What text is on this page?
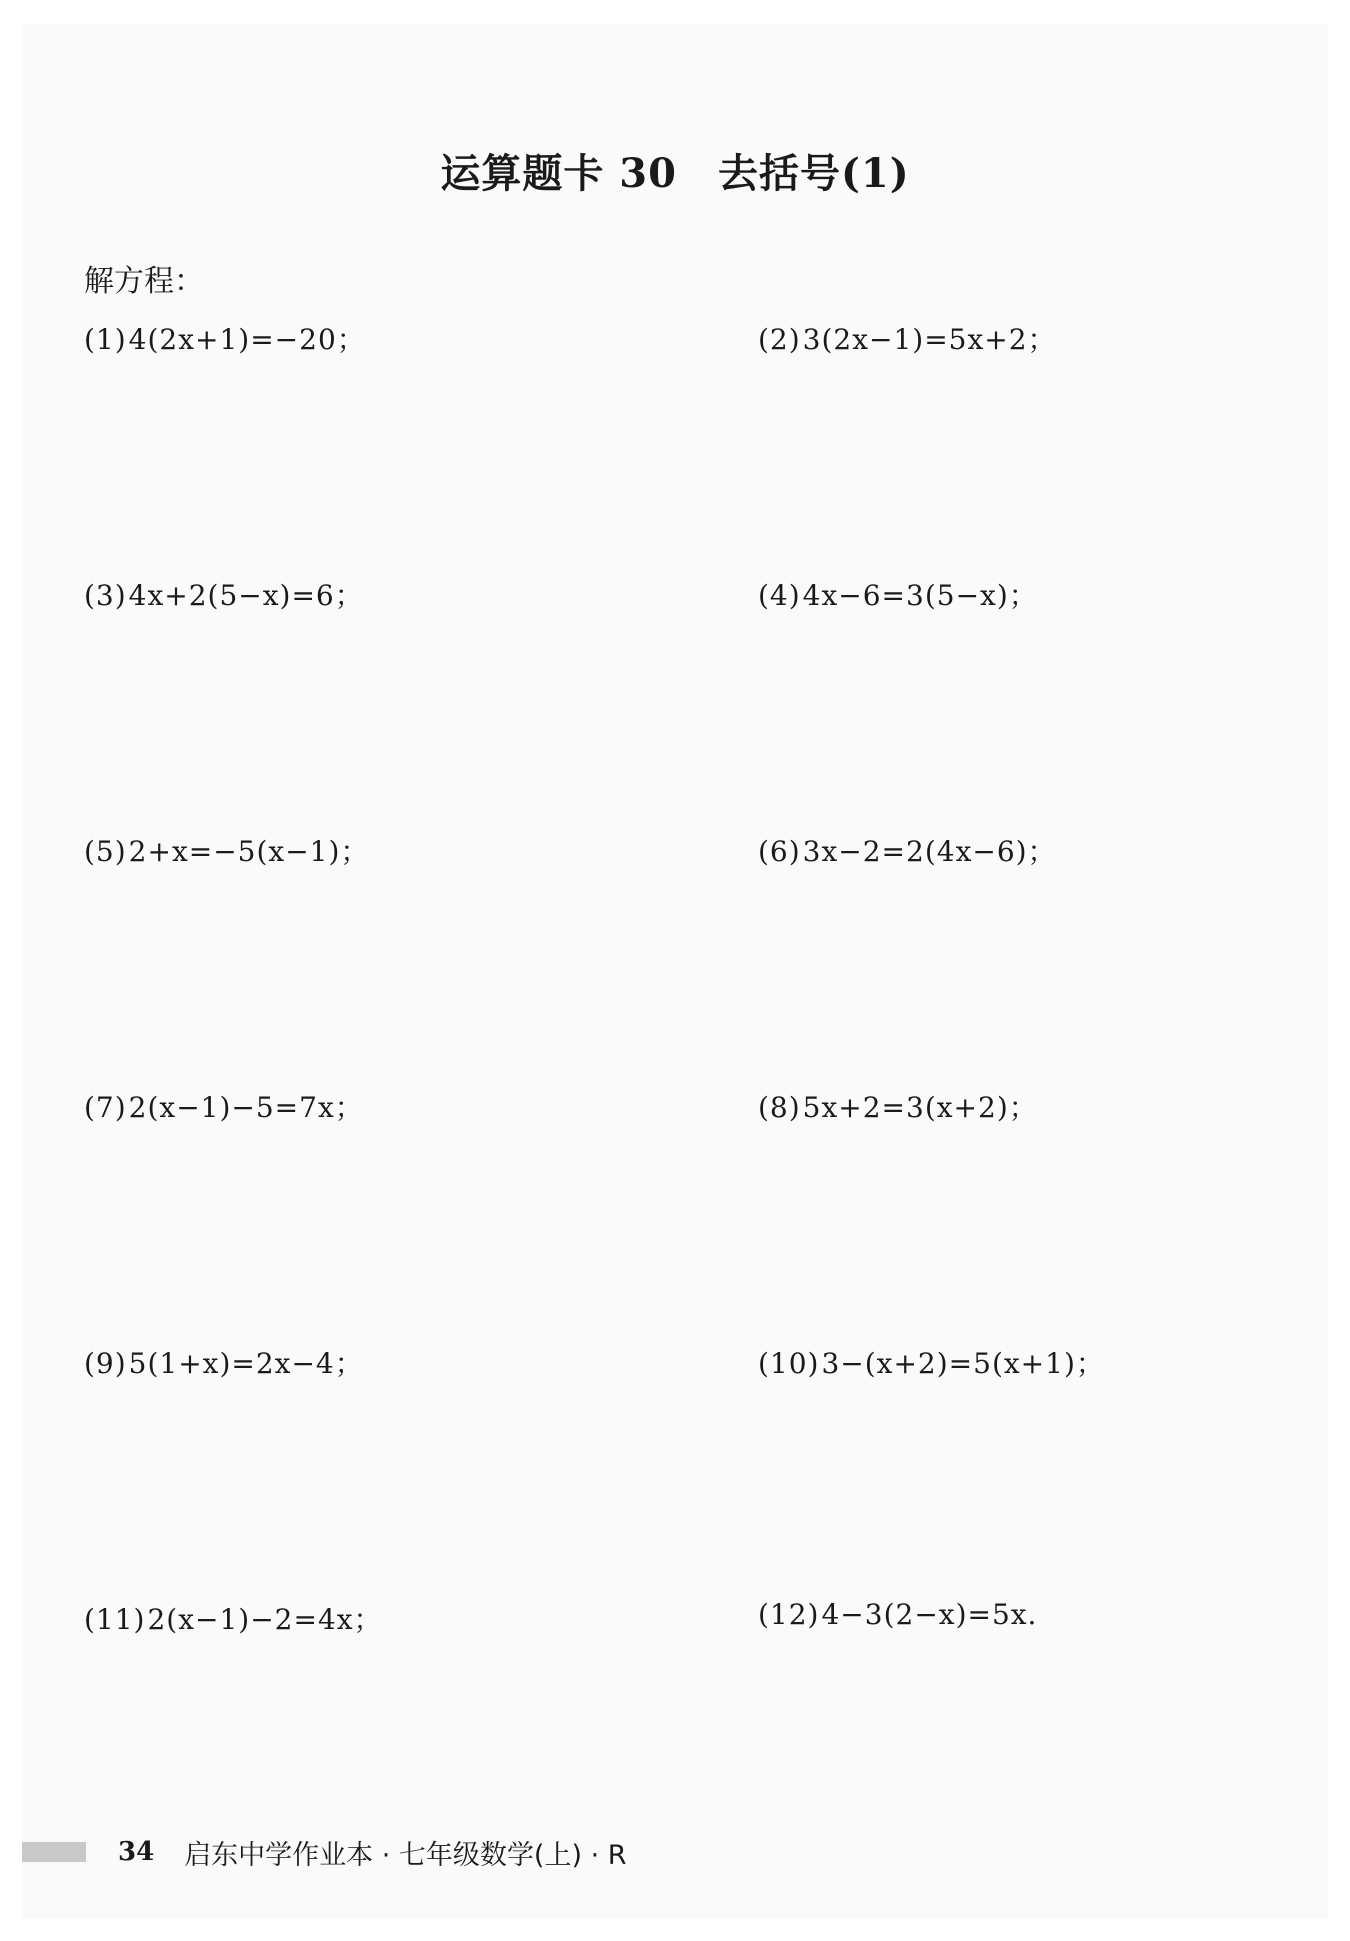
运算题卡 30　去括号(1)
解方程：
(1)4(2x+1)=−20；	(2)3(2x−1)=5x+2；
(3)4x+2(5−x)=6；	(4)4x−6=3(5−x)；
(5)2+x=−5(x−1)；	(6)3x−2=2(4x−6)；
(7)2(x−1)−5=7x；	(8)5x+2=3(x+2)；
(9)5(1+x)=2x−4；	(10)3−(x+2)=5(x+1)；
(11)2(x−1)−2=4x；	(12)4−3(2−x)=5x.
34 启东中学作业本 · 七年级数学(上) · R
